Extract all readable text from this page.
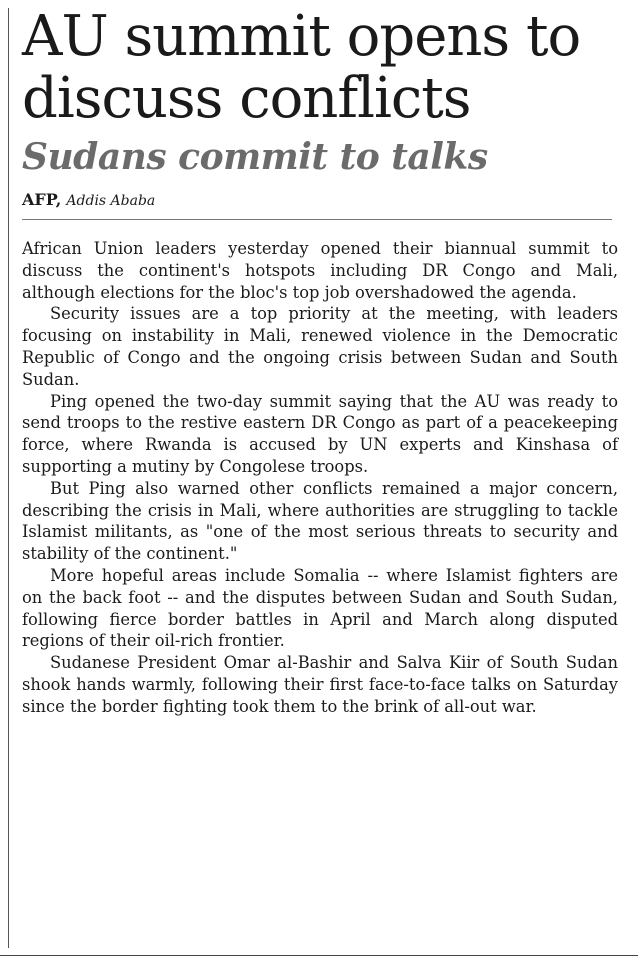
AU summit opens to discuss conflicts
Sudans commit to talks
AFP, Addis Ababa

African Union leaders yesterday opened their biannual summit to discuss the continent's hotspots including DR Congo and Mali, although elections for the bloc's top job overshadowed the agenda.

Security issues are a top priority at the meeting, with leaders focusing on instability in Mali, renewed violence in the Democratic Republic of Congo and the ongoing crisis between Sudan and South Sudan.

Ping opened the two-day summit saying that the AU was ready to send troops to the restive eastern DR Congo as part of a peacekeeping force, where Rwanda is accused by UN experts and Kinshasa of supporting a mutiny by Congolese troops.

But Ping also warned other conflicts remained a major concern, describing the crisis in Mali, where authorities are struggling to tackle Islamist militants, as "one of the most serious threats to security and stability of the continent."

More hopeful areas include Somalia -- where Islamist fighters are on the back foot -- and the disputes between Sudan and South Sudan, following fierce border battles in April and March along disputed regions of their oil-rich frontier.

Sudanese President Omar al-Bashir and Salva Kiir of South Sudan shook hands warmly, following their first face-to-face talks on Saturday since the border fighting took them to the brink of all-out war.
